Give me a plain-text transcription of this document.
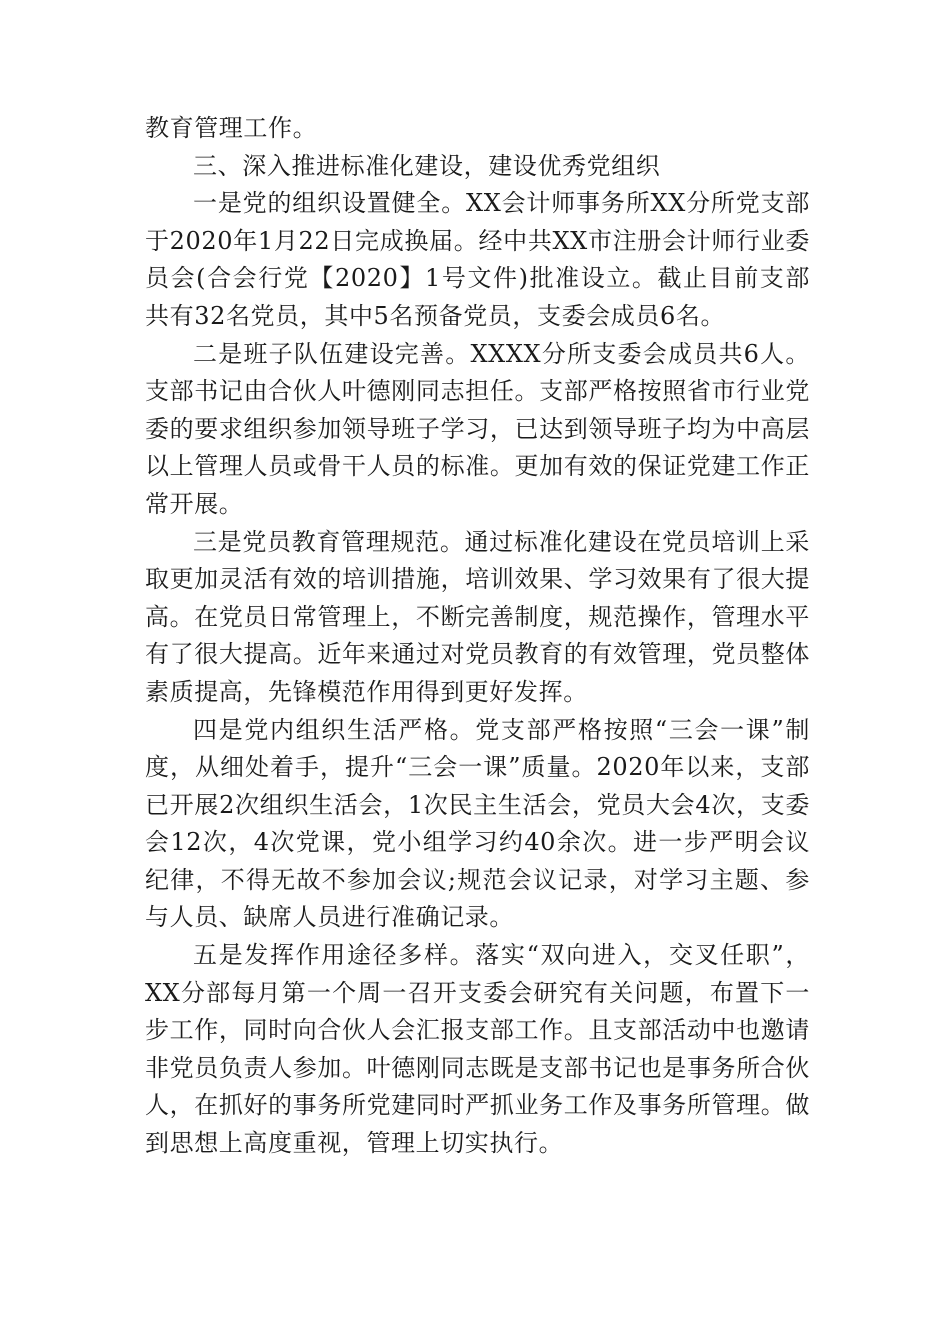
教育管理工作。

三、深入推进标准化建设，建设优秀党组织

一是党的组织设置健全。XX会计师事务所XX分所党支部于2020年1月22日完成换届。经中共XX市注册会计师行业委员会(合会行党【2020】1号文件)批准设立。截止目前支部共有32名党员，其中5名预备党员，支委会成员6名。

二是班子队伍建设完善。XXXX分所支委会成员共6人。支部书记由合伙人叶德刚同志担任。支部严格按照省市行业党委的要求组织参加领导班子学习，已达到领导班子均为中高层以上管理人员或骨干人员的标准。更加有效的保证党建工作正常开展。

三是党员教育管理规范。通过标准化建设在党员培训上采取更加灵活有效的培训措施，培训效果、学习效果有了很大提高。在党员日常管理上，不断完善制度，规范操作，管理水平有了很大提高。近年来通过对党员教育的有效管理，党员整体素质提高，先锋模范作用得到更好发挥。

四是党内组织生活严格。党支部严格按照“三会一课”制度，从细处着手，提升“三会一课”质量。2020年以来，支部已开展2次组织生活会，1次民主生活会，党员大会4次，支委会12次，4次党课，党小组学习约40余次。进一步严明会议纪律，不得无故不参加会议;规范会议记录，对学习主题、参与人员、缺席人员进行准确记录。

五是发挥作用途径多样。落实“双向进入，交叉任职”，XX分部每月第一个周一召开支委会研究有关问题，布置下一步工作，同时向合伙人会汇报支部工作。且支部活动中也邀请非党员负责人参加。叶德刚同志既是支部书记也是事务所合伙人，在抓好的事务所党建同时严抓业务工作及事务所管理。做到思想上高度重视，管理上切实执行。
